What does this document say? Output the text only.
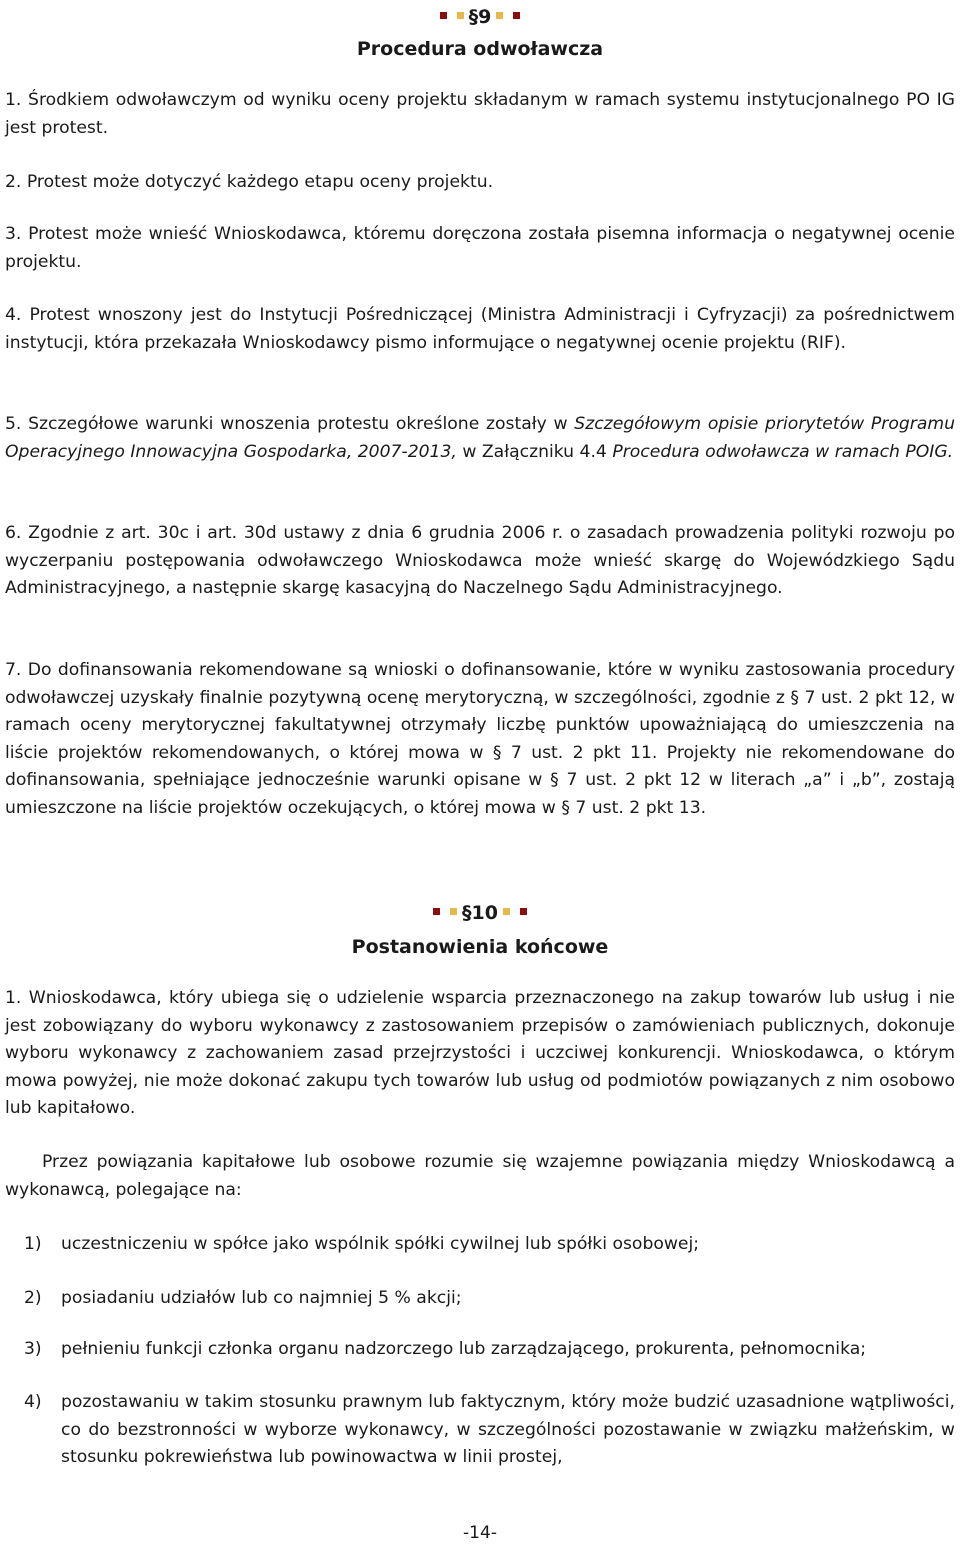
§9
Procedura odwoławcza

1. Środkiem odwoławczym od wyniku oceny projektu składanym w ramach systemu instytucjonalnego PO IG jest protest.

2. Protest może dotyczyć każdego etapu oceny projektu.

3. Protest może wnieść Wnioskodawca, któremu doręczona została pisemna informacja o negatywnej ocenie projektu.

4. Protest wnoszony jest do Instytucji Pośredniczącej (Ministra Administracji i Cyfryzacji) za pośrednictwem instytucji, która przekazała Wnioskodawcy pismo informujące o negatywnej ocenie projektu (RIF).

5. Szczegółowe warunki wnoszenia protestu określone zostały w Szczegółowym opisie priorytetów Programu Operacyjnego Innowacyjna Gospodarka, 2007-2013, w Załączniku 4.4 Procedura odwoławcza w ramach POIG.

6. Zgodnie z art. 30c i art. 30d ustawy z dnia 6 grudnia 2006 r. o zasadach prowadzenia polityki rozwoju po wyczerpaniu postępowania odwoławczego Wnioskodawca może wnieść skargę do Wojewódzkiego Sądu Administracyjnego, a następnie skargę kasacyjną do Naczelnego Sądu Administracyjnego.

7. Do dofinansowania rekomendowane są wnioski o dofinansowanie, które w wyniku zastosowania procedury odwoławczej uzyskały finalnie pozytywną ocenę merytoryczną, w szczególności, zgodnie z § 7 ust. 2 pkt 12, w ramach oceny merytorycznej fakultatywnej otrzymały liczbę punktów upoważniającą do umieszczenia na liście projektów rekomendowanych, o której mowa w § 7 ust. 2 pkt 11. Projekty nie rekomendowane do dofinansowania, spełniające jednocześnie warunki opisane w § 7 ust. 2 pkt 12 w literach „a” i „b”, zostają umieszczone na liście projektów oczekujących, o której mowa w § 7 ust. 2 pkt 13.

§10
Postanowienia końcowe

1. Wnioskodawca, który ubiega się o udzielenie wsparcia przeznaczonego na zakup towarów lub usług i nie jest zobowiązany do wyboru wykonawcy z zastosowaniem przepisów o zamówieniach publicznych, dokonuje wyboru wykonawcy z zachowaniem zasad przejrzystości i uczciwej konkurencji. Wnioskodawca, o którym mowa powyżej, nie może dokonać zakupu tych towarów lub usług od podmiotów powiązanych z nim osobowo lub kapitałowo.

Przez powiązania kapitałowe lub osobowe rozumie się wzajemne powiązania między Wnioskodawcą a wykonawcą, polegające na:

1) uczestniczeniu w spółce jako wspólnik spółki cywilnej lub spółki osobowej;
2) posiadaniu udziałów lub co najmniej 5 % akcji;
3) pełnieniu funkcji członka organu nadzorczego lub zarządzającego, prokurenta, pełnomocnika;
4) pozostawaniu w takim stosunku prawnym lub faktycznym, który może budzić uzasadnione wątpliwości, co do bezstronności w wyborze wykonawcy, w szczególności pozostawanie w związku małżeńskim, w stosunku pokrewieństwa lub powinowactwa w linii prostej,
-14-
